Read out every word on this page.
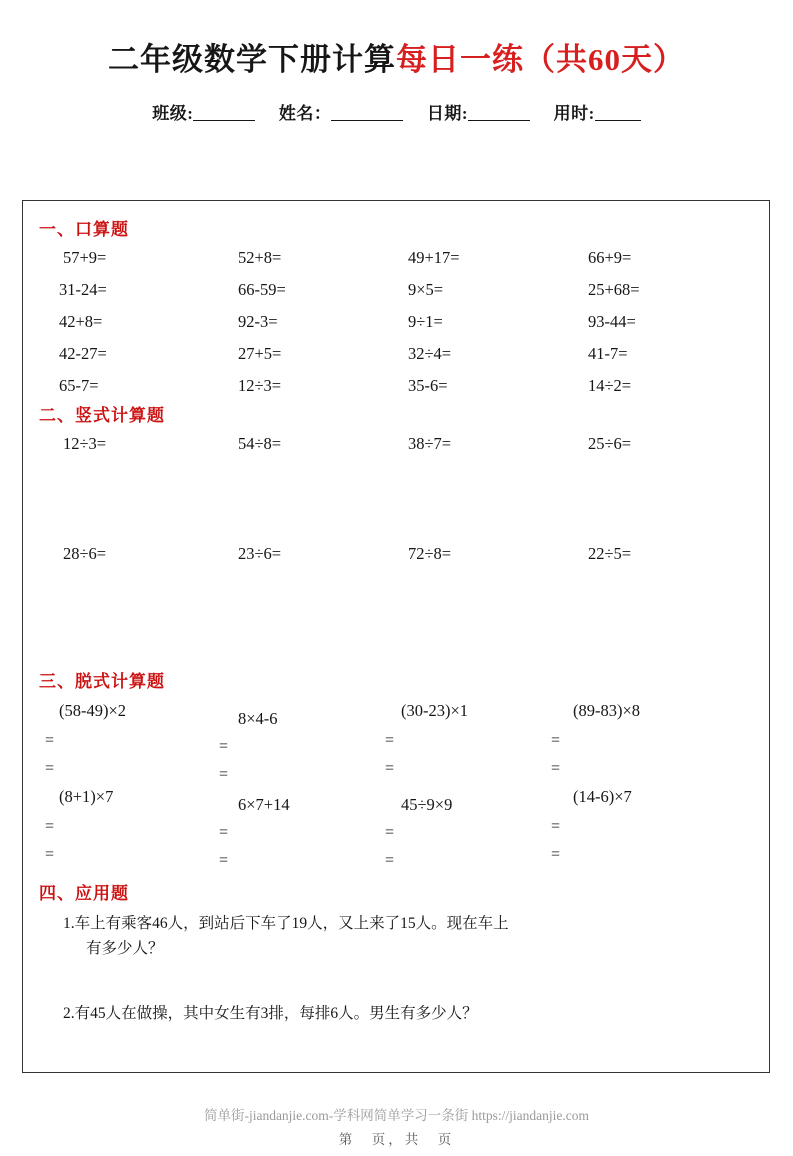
二年级数学下册计算每日一练（共60天）
班级:	姓名：	日期:	用时:
一、口算题
57+9=	52+8=	49+17=	66+9=
31-24=	66-59=	9×5=	25+68=
42+8=	92-3=	9÷1=	93-44=
42-27=	27+5=	32÷4=	41-7=
65-7=	12÷3=	35-6=	14÷2=
二、竖式计算题
12÷3=	54÷8=	38÷7=	25÷6=
28÷6=	23÷6=	72÷8=	22÷5=
三、脱式计算题
(58-49)×2	8×4-6	(30-23)×1	(89-83)×8
=	=	=	=
=	=	=	=
(8+1)×7	6×7+14	45÷9×9	(14-6)×7
=	=	=	=
=	=	=	=
四、应用题
1.车上有乘客46人，到站后下车了19人，又上来了15人。现在车上
有多少人？
2.有45人在做操，其中女生有3排，每排6人。男生有多少人？
简单街-jiandanjie.com-学科网简单学习一条街 https://jiandanjie.com
第　页，共　页
